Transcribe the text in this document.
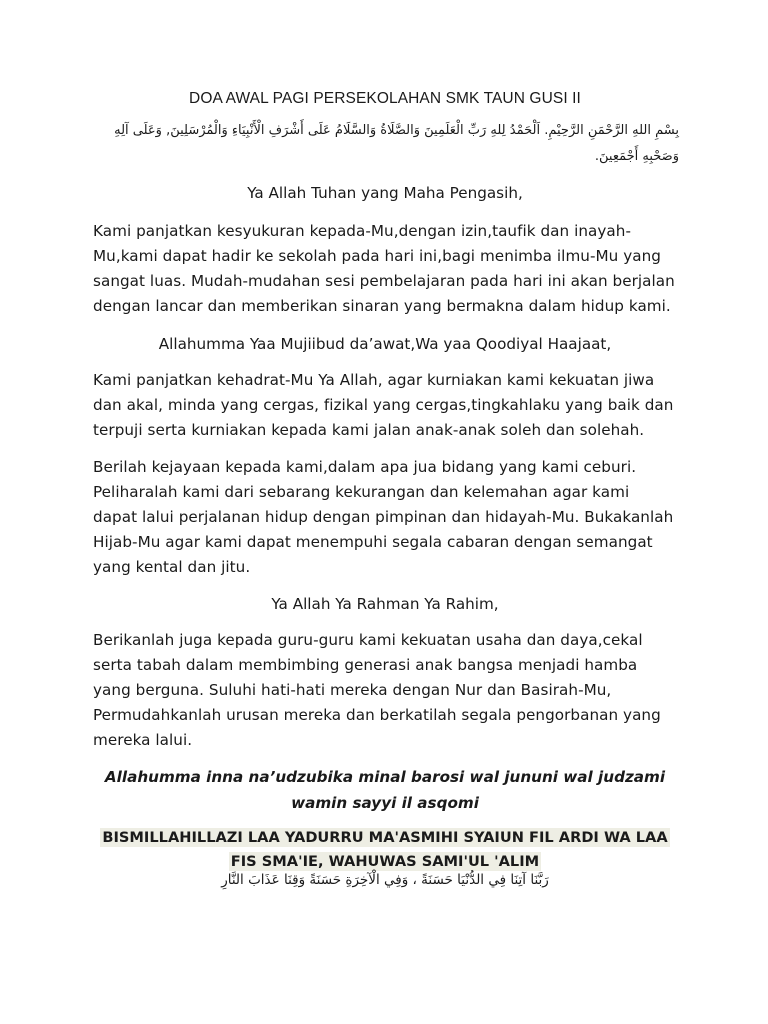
DOA AWAL PAGI PERSEKOLAHAN SMK TAUN GUSI II
بِسْمِ اللهِ الرَّحْمَنِ الرَّحِيْمِ. اَلْحَمْدُ لِلهِ رَبِّ الْعَلَمِينَ وَالصَّلَاةُ وَالسَّلَامُ عَلَى أَشْرَفِ الْأَنْبِيَاءِ وَالْمُرْسَلِينَ, وَعَلَى آلِهِ وَصَحْبِهِ أَجْمَعِينَ.
Ya Allah Tuhan yang Maha Pengasih,
Kami panjatkan kesyukuran kepada-Mu,dengan izin,taufik dan inayah-Mu,kami dapat hadir ke sekolah pada hari ini,bagi menimba ilmu-Mu yang sangat luas. Mudah-mudahan sesi pembelajaran pada hari ini akan berjalan dengan lancar dan memberikan sinaran yang bermakna dalam hidup kami.
Allahumma Yaa Mujiibud da’awat,Wa yaa Qoodiyal Haajaat,
Kami panjatkan kehadrat-Mu Ya Allah, agar kurniakan kami kekuatan jiwa dan akal, minda yang cergas, fizikal yang cergas,tingkahlaku yang baik dan terpuji serta kurniakan kepada kami jalan anak-anak soleh dan solehah.
Berilah kejayaan kepada kami,dalam apa jua bidang yang kami ceburi. Peliharalah kami dari sebarang kekurangan dan kelemahan agar kami dapat lalui perjalanan hidup dengan pimpinan dan hidayah-Mu. Bukakanlah Hijab-Mu agar kami dapat menempuhi segala cabaran dengan semangat yang kental dan jitu.
Ya Allah Ya Rahman Ya Rahim,
Berikanlah juga kepada guru-guru kami kekuatan usaha dan daya,cekal serta tabah dalam membimbing generasi anak bangsa menjadi hamba yang berguna. Suluhi hati-hati mereka dengan Nur dan Basirah-Mu, Permudahkanlah urusan mereka dan berkatilah segala pengorbanan yang mereka lalui.
Allahumma inna na’udzubika minal barosi wal jununi wal judzami wamin sayyi il asqomi
BISMILLAHILLAZI LAA YADURRU MA'ASMIHI SYAIUN FIL ARDI WA LAA FIS SMA'IE, WAHUWAS SAMI'UL 'ALIM
رَبَّنَا آتِنَا فِي الدُّنْيَا حَسَنَةً ، وَفِي الْآخِرَةِ حَسَنَةً وَقِنَا عَذَابَ النَّارِ
